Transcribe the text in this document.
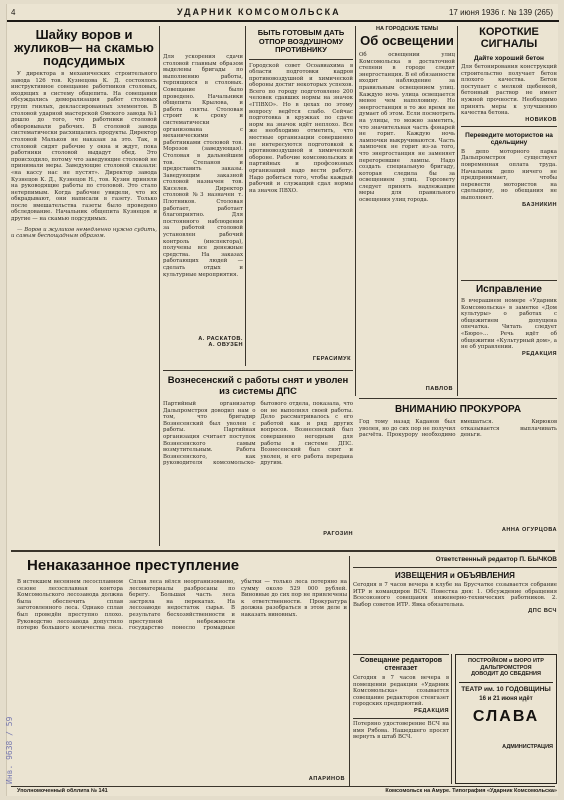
4	УДАРНИК КОМСОМОЛЬСКА	17 июня 1936 г. № 139 (265)
Шайку воров и жуликов— на скамью подсудимых

У директора в механических строительного завода 126 тов. Кузнецова К. Д. состоялось инструктивное совещание работников столовых, входящих в систему общепита. На совещании обсуждались деморализация работ столовых групп гнилых, деклассированных элементов. В столовой ударной мастерской Омского завода №1 дошло до того, что работники столовой обворовывали рабочих. В столовой завода систематически расхищались продукты. Директор столовой Мальков не наказан за это. Так, в столовой сидят рабочие у окна и ждут, пока работники столовой выдадут обед. Это происходило, потому что заведующие столовой не принимали меры. Заведующие столовой сказали: «на кассу нас не пустят». Директор завода Кузнецов К. Д., Кузнецов Н., тов. Кузин приняли на руководящие работы по столовой. Это стало нетерпимым. Когда рабочие увидели, что их обкрадывают, они написали в газету. Только после вмешательства газеты было проведено обследование. Начальник общепита Кузнецов и другие — на скамью подсудимых.

— Воров и жуликов немедленно нужно судить, и самым беспощадным образом.

Для ускорения сдачи столовой главным образом выделены бригады по выполнению работы, терпящихся в столовых. Совещание было проведено. Начальники общепита Крылова, и работа сняты. Столовая строит к сроку и систематически организована с механическими работниками столовой тов. Морозов (заведующая). Столовая в дальнейшем тов. Степанов и предоставить заказы. Заведующим заказной столовой назначен тов. Киселев. Директор столовой №3 назначен т. Плотников. Столовая работает, работает благоприятно. Для постоянного наблюдения за работой столовой установлен рабочий контроль (инспектора), получены все денежные средства. На заказах работающих людей — сделать отдых и культурные мероприятия.
А. РАСКАТОВ.
А. ОВУЗЕН
БЫТЬ ГОТОВЫМ ДАТЬ ОТПОР ВОЗДУШНОМУ ПРОТИВНИКУ
Городской совет Осоавиахима в области подготовки кадров противовоздушной и химической обороны достиг некоторых успехов. Всего по городу подготовлено 200 человек сдавших нормы на значок «ГПВХО». Но в цехах по этому вопросу ведётся слабо. Сейчас подготовка в кружках по сдаче норм на значок идёт неплохо. Все же необходимо отметить, что местные организации совершенно не интересуются подготовкой к противовоздушной и химической обороне. Рабочие комсомольских и партийных и профсоюзных организаций надо вести работу. Надо добиться того, чтобы каждый рабочий и служащий сдал нормы на значок ПВХО.
ГЕРАСИМУК
НА ГОРОДСКИЕ ТЕМЫ
Об освещении
Об освещении улиц Комсомольска в достаточной степени в городе следит энергостанция. В её обязанности входит наблюдение за правильным освещением улиц. Каждую ночь улица освещается менее чем наполовину. Но энергостанция в то же время не думает об этом. Если посмотреть на улицы, то можно заметить, что значительная часть фонарей не горит. Каждую ночь лампочки выкручиваются. Часть лампочек не горит из-за того, что энергостанция не заменяет перегоревшие лампы. Надо создать специальную бригаду, которая следила бы за освещением улиц. Горсовету следует принять надлежащие меры для правильного освещения улиц города.
ПАВЛОВ
КОРОТКИЕ СИГНАЛЫ
Дайте хороший бетон
Для бетонирования конструкций строительство получает бетон плохого качества. Бетон поступает с мелкой щебенкой, бетонный раствор не имеет нужной прочности. Необходимо принять меры к улучшению качества бетона.
НОВИКОВ
Переведите мотористов на сдельщину
В депо моторного парка Дальпромстроя существует повременная оплата труда. Начальник депо ничего не предпринимает, чтобы перевести мотористов на сдельщину, но обещания не выполняет.
БАЗНИКИН
Исправление
В вчерашнем номере «Ударник Комсомольска» в заметке «Дом культуры» о работах с общежитием допущена опечатка. Читать следует «Бюро»… Речь идёт об общежитии «Культурный дом», а не об управлении.
РЕДАКЦИЯ
Вознесенский с работы снят и уволен из системы ДПС
Партийный организатор Дальпромстроя доводил нам о том, что бригадир Вознесенский был уволен с работы. Партийная организация считает поступок Вознесенского самым возмутительным. Работа Вознесенского, как руководителя комсомольско-бытового отдела, показала, что он не выполнял своей работы. Дело рассматривалось с его работой как и ряд других вопросов. Вознесенский был совершенно негодным для работы в системе ДПС. Вознесенский был снят и уволен, и его работа передана другим.
РАГОЗИН
ВНИМАНИЮ ПРОКУРОРА
Год тому назад Каданов был уволен, но до сих пор не получил расчёта. Прокурору необходимо вмешаться. Кирюков отказывается выплачивать деньги.
АННА ОГУРЦОВА
Ненаказанное преступление
В истекшем весеннем лесосплавном сезоне лесосплавная контора Комсомольского лесозавода должна была обеспечить сплав заготовленного леса. Однако сплав был проведён преступно плохо. Руководство лесозавода допустило потерю большого количества леса. Сплав леса вёлся неорганизованно, лесоматериалы разбросаны по берегу. Большая часть леса застряла на перекатах. На лесозаводе недостаток сырья. В результате бесхозяйственности и преступной небрежности государство понесло громадные убытки — только леса потеряно на сумму около 529 000 рублей. Виновные до сих пор не привлечены к ответственности. Прокуратура должна разобраться в этом деле и наказать виновных.
АПАРИНОВ
Ответственный редактор П. БЫЧКОВ
ИЗВЕЩЕНИЯ и ОБЪЯВЛЕНИЯ
Сегодня в 7 часов вечера в клубе на Брусчатке созывается собрание ИТР и командиров ВСЧ. Повестка дня: 1. Обсуждение обращения Всесоюзного совещания инженерно-технических работников. 2. Выбор советов ИТР. Явка обязательна.
ДПС ВСЧ
Совещание редакторов стенгазет
Сегодня в 7 часов вечера в помещении редакции «Ударник Комсомольска» созывается совещание редакторов стенгазет городских предприятий.
РЕДАКЦИЯ
Потеряно удостоверение ВСЧ на имя Рябова. Нашедшего просят вернуть в штаб ВСЧ.
ПОСТРОЙКОМ и БЮРО ИТР ДАЛЬПРОМСТРОЯ
ДОВОДИТ ДО СВЕДЕНИЯ
ТЕАТР им. 10 ГОДОВЩИНЫ
16 и 21 июня идёт
СЛАВА
АДМИНИСТРАЦИЯ
Уполномоченный обллита № 141	Комсомольск на Амуре. Типография «Ударник Комсомольска»
Инв. 9638 / 59
